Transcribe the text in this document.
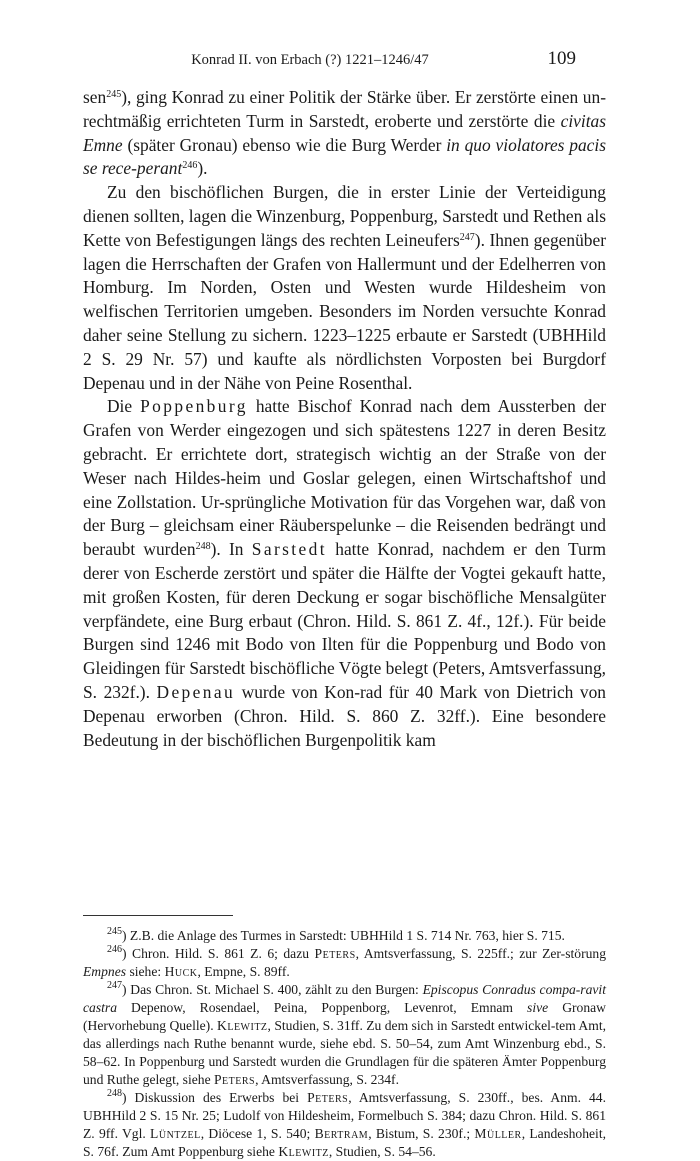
Konrad II. von Erbach (?) 1221–1246/47	109

sen$^{245}$), ging Konrad zu einer Politik der Stärke über. Er zerstörte einen un-rechtmäßig errichteten Turm in Sarstedt, eroberte und zerstörte die civitas Emne (später Gronau) ebenso wie die Burg Werder in quo violatores pacis se rece-perant$^{246}$).

Zu den bischöflichen Burgen, die in erster Linie der Verteidigung dienen sollten, lagen die Winzenburg, Poppenburg, Sarstedt und Rethen als Kette von Befestigungen längs des rechten Leineufers$^{247}$). Ihnen gegenüber lagen die Herrschaften der Grafen von Hallermunt und der Edelherren von Homburg. Im Norden, Osten und Westen wurde Hildesheim von welfischen Territorien umgeben. Besonders im Norden versuchte Konrad daher seine Stellung zu sichern. 1223–1225 erbaute er Sarstedt (UBHHild 2 S. 29 Nr. 57) und kaufte als nördlichsten Vorposten bei Burgdorf Depenau und in der Nähe von Peine Rosenthal.

Die Poppenburg hatte Bischof Konrad nach dem Aussterben der Grafen von Werder eingezogen und sich spätestens 1227 in deren Besitz gebracht. Er errichtete dort, strategisch wichtig an der Straße von der Weser nach Hildes-heim und Goslar gelegen, einen Wirtschaftshof und eine Zollstation. Ur-sprüngliche Motivation für das Vorgehen war, daß von der Burg – gleichsam einer Räuberspelunke – die Reisenden bedrängt und beraubt wurden$^{248}$). In Sarstedt hatte Konrad, nachdem er den Turm derer von Escherde zerstört und später die Hälfte der Vogtei gekauft hatte, mit großen Kosten, für deren Deckung er sogar bischöfliche Mensalgüter verpfändete, eine Burg erbaut (Chron. Hild. S. 861 Z. 4f., 12f.). Für beide Burgen sind 1246 mit Bodo von Ilten für die Poppenburg und Bodo von Gleidingen für Sarstedt bischöfliche Vögte belegt (Peters, Amtsverfassung, S. 232f.). Depenau wurde von Kon-rad für 40 Mark von Dietrich von Depenau erworben (Chron. Hild. S. 860 Z. 32ff.). Eine besondere Bedeutung in der bischöflichen Burgenpolitik kam

$^{245}$) Z.B. die Anlage des Turmes in Sarstedt: UBHHild 1 S. 714 Nr. 763, hier S. 715.

$^{246}$) Chron. Hild. S. 861 Z. 6; dazu Peters, Amtsverfassung, S. 225ff.; zur Zer-störung Empnes siehe: Huck, Empne, S. 89ff.

$^{247}$) Das Chron. St. Michael S. 400, zählt zu den Burgen: Episcopus Conradus compa-ravit castra Depenow, Rosendael, Peina, Poppenborg, Levenrot, Emnam sive Gronaw (Hervorhebung Quelle). Klewitz, Studien, S. 31ff. Zu dem sich in Sarstedt entwickel-tem Amt, das allerdings nach Ruthe benannt wurde, siehe ebd. S. 50–54, zum Amt Winzenburg ebd., S. 58–62. In Poppenburg und Sarstedt wurden die Grundlagen für die späteren Ämter Poppenburg und Ruthe gelegt, siehe Peters, Amtsverfassung, S. 234f.

$^{248}$) Diskussion des Erwerbs bei Peters, Amtsverfassung, S. 230ff., bes. Anm. 44. UBHHild 2 S. 15 Nr. 25; Ludolf von Hildesheim, Formelbuch S. 384; dazu Chron. Hild. S. 861 Z. 9ff. Vgl. Lüntzel, Diöcese 1, S. 540; Bertram, Bistum, S. 230f.; Müller, Landeshoheit, S. 76f. Zum Amt Poppenburg siehe Klewitz, Studien, S. 54–56.
